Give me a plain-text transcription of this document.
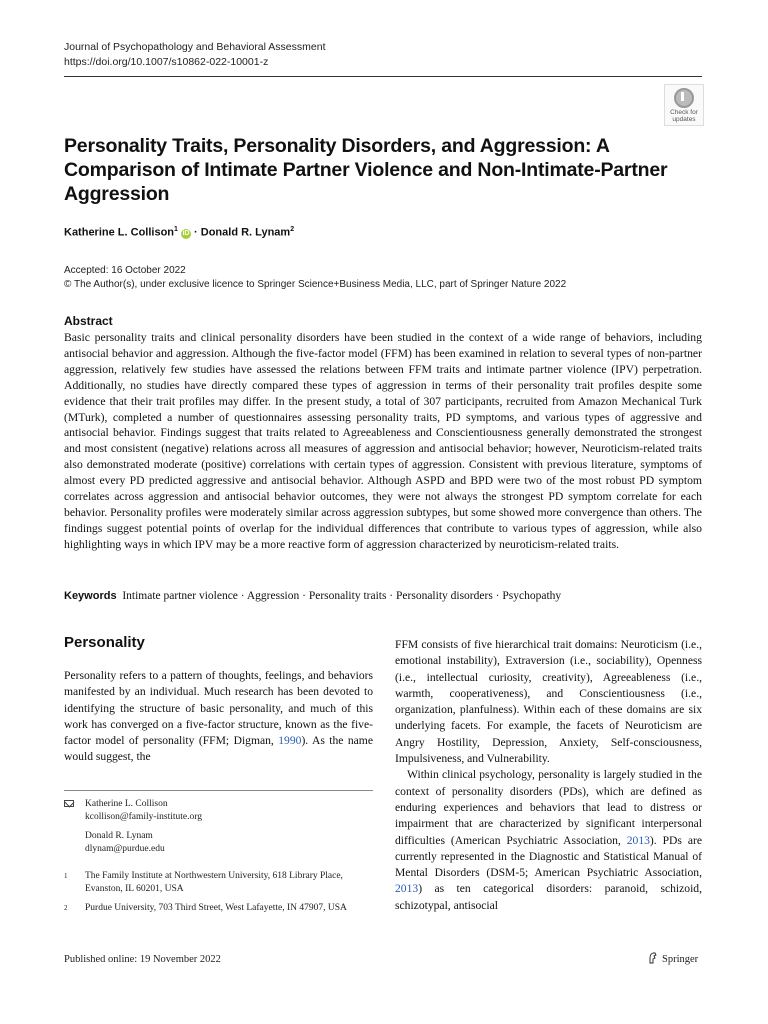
Journal of Psychopathology and Behavioral Assessment
https://doi.org/10.1007/s10862-022-10001-z
Check for
updates
Personality Traits, Personality Disorders, and Aggression: A Comparison of Intimate Partner Violence and Non-Intimate-Partner Aggression
Katherine L. Collison$^1$ iD · Donald R. Lynam$^2$
Accepted: 16 October 2022
© The Author(s), under exclusive licence to Springer Science+Business Media, LLC, part of Springer Nature 2022
Abstract
Basic personality traits and clinical personality disorders have been studied in the context of a wide range of behaviors, including antisocial behavior and aggression. Although the five-factor model (FFM) has been examined in relation to several types of non-partner aggression, relatively few studies have assessed the relations between FFM traits and intimate partner violence (IPV) perpetration. Additionally, no studies have directly compared these types of aggression in terms of their personality trait profiles despite some evidence that their trait profiles may differ. In the present study, a total of 307 participants, recruited from Amazon Mechanical Turk (MTurk), completed a number of questionnaires assessing personality traits, PD symptoms, and various types of aggressive and antisocial behavior. Findings suggest that traits related to Agreeableness and Conscientiousness generally demonstrated the strongest and most consistent (negative) relations across all measures of aggression and antisocial behavior; however, Neuroticism-related traits also demonstrated moderate (positive) correlations with certain types of aggression. Consistent with previous literature, symptoms of almost every PD predicted aggressive and antisocial behavior. Although ASPD and BPD were two of the most robust PD symptom correlates across aggression and antisocial behavior outcomes, they were not always the strongest PD symptom correlate for each behavior. Personality profiles were moderately similar across aggression subtypes, but some showed more convergence than others. The findings suggest potential points of overlap for the individual differences that contribute to various types of aggression, while also highlighting ways in which IPV may be a more reactive form of aggression characterized by neuroticism-related traits.
Keywords Intimate partner violence · Aggression · Personality traits · Personality disorders · Psychopathy
Personality
Personality refers to a pattern of thoughts, feelings, and behaviors manifested by an individual. Much research has been devoted to identifying the structure of basic personality, and much of this work has converged on a five-factor structure, known as the five-factor model of personality (FFM; Digman, 1990). As the name would suggest, the

FFM consists of five hierarchical trait domains: Neuroticism (i.e., emotional instability), Extraversion (i.e., sociability), Openness (i.e., intellectual curiosity, creativity), Agreeableness (i.e., warmth, cooperativeness), and Conscientiousness (i.e., organization, planfulness). Within each of these domains are six underlying facets. For example, the facets of Neuroticism are Angry Hostility, Depression, Anxiety, Self-consciousness, Impulsiveness, and Vulnerability.

Within clinical psychology, personality is largely studied in the context of personality disorders (PDs), which are defined as enduring experiences and behaviors that lead to distress or impairment that are characterized by significant interpersonal difficulties (American Psychiatric Association, 2013). PDs are currently represented in the Diagnostic and Statistical Manual of Mental Disorders (DSM-5; American Psychiatric Association, 2013) as ten categorical disorders: paranoid, schizoid, schizotypal, antisocial

Katherine L. Collison
kcollison@family-institute.org
Donald R. Lynam
dlynam@purdue.edu
1 The Family Institute at Northwestern University, 618 Library Place, Evanston, IL 60201, USA
2 Purdue University, 703 Third Street, West Lafayette, IN 47907, USA
Published online: 19 November 2022	Springer
